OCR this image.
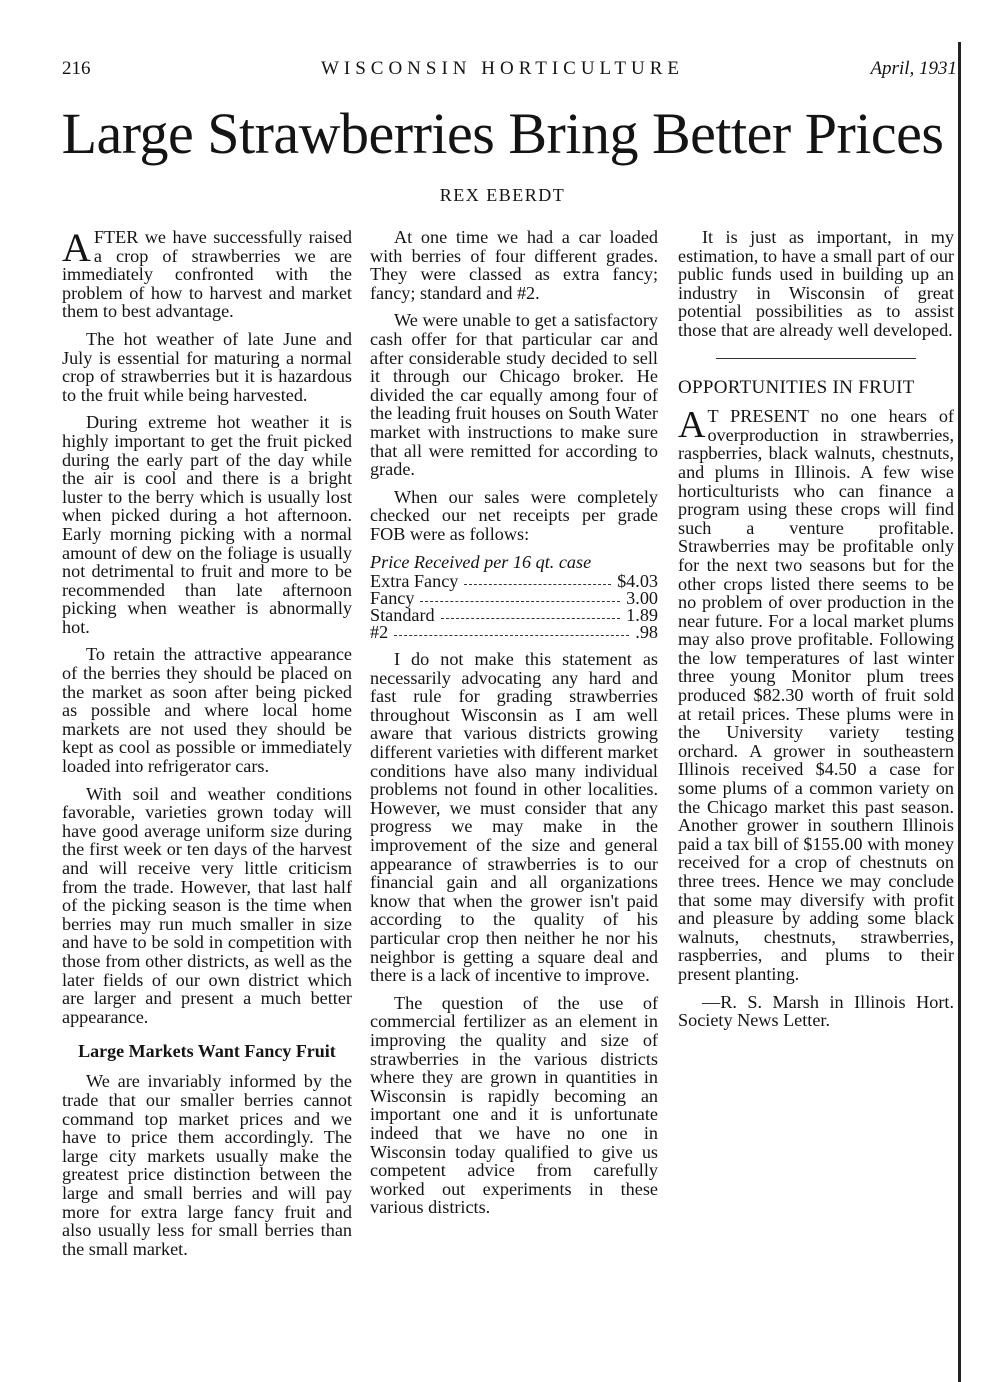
216	WISCONSIN HORTICULTURE	April, 1931
Large Strawberries Bring Better Prices
REX EBERDT

AFTER we have successfully raised a crop of strawberries we are immediately confronted with the problem of how to harvest and market them to best advantage.

The hot weather of late June and July is essential for maturing a normal crop of strawberries but it is hazardous to the fruit while being harvested.

During extreme hot weather it is highly important to get the fruit picked during the early part of the day while the air is cool and there is a bright luster to the berry which is usually lost when picked during a hot afternoon. Early morning picking with a normal amount of dew on the foliage is usually not detrimental to fruit and more to be recommended than late afternoon picking when weather is abnormally hot.

To retain the attractive appearance of the berries they should be placed on the market as soon after being picked as possible and where local home markets are not used they should be kept as cool as possible or immediately loaded into refrigerator cars.

With soil and weather conditions favorable, varieties grown today will have good average uniform size during the first week or ten days of the harvest and will receive very little criticism from the trade. However, that last half of the picking season is the time when berries may run much smaller in size and have to be sold in competition with those from other districts, as well as the later fields of our own district which are larger and present a much better appearance.

Large Markets Want Fancy Fruit

We are invariably informed by the trade that our smaller berries cannot command top market prices and we have to price them accordingly. The large city markets usually make the greatest price distinction between the large and small berries and will pay more for extra large fancy fruit and also usually less for small berries than the small market.

At one time we had a car loaded with berries of four different grades. They were classed as extra fancy; fancy; standard and #2.

We were unable to get a satisfactory cash offer for that particular car and after considerable study decided to sell it through our Chicago broker. He divided the car equally among four of the leading fruit houses on South Water market with instructions to make sure that all were remitted for according to grade.

When our sales were completely checked our net receipts per grade FOB were as follows:

Price Received per 16 qt. case
Extra Fancy	$4.03
Fancy	3.00
Standard	1.89
#2	.98

I do not make this statement as necessarily advocating any hard and fast rule for grading strawberries throughout Wisconsin as I am well aware that various districts growing different varieties with different market conditions have also many individual problems not found in other localities. However, we must consider that any progress we may make in the improvement of the size and general appearance of strawberries is to our financial gain and all organizations know that when the grower isn't paid according to the quality of his particular crop then neither he nor his neighbor is getting a square deal and there is a lack of incentive to improve.

The question of the use of commercial fertilizer as an element in improving the quality and size of strawberries in the various districts where they are grown in quantities in Wisconsin is rapidly becoming an important one and it is unfortunate indeed that we have no one in Wisconsin today qualified to give us competent advice from carefully worked out experiments in these various districts.

It is just as important, in my estimation, to have a small part of our public funds used in building up an industry in Wisconsin of great potential possibilities as to assist those that are already well developed.

OPPORTUNITIES IN FRUIT

A T PRESENT no one hears of overproduction in strawberries, raspberries, black walnuts, chestnuts, and plums in Illinois. A few wise horticulturists who can finance a program using these crops will find such a venture profitable. Strawberries may be profitable only for the next two seasons but for the other crops listed there seems to be no problem of over production in the near future. For a local market plums may also prove profitable. Following the low temperatures of last winter three young Monitor plum trees produced $82.30 worth of fruit sold at retail prices. These plums were in the University variety testing orchard. A grower in southeastern Illinois received $4.50 a case for some plums of a common variety on the Chicago market this past season. Another grower in southern Illinois paid a tax bill of $155.00 with money received for a crop of chestnuts on three trees. Hence we may conclude that some may diversify with profit and pleasure by adding some black walnuts, chestnuts, strawberries, raspberries, and plums to their present planting.

—R. S. Marsh in Illinois Hort. Society News Letter.
